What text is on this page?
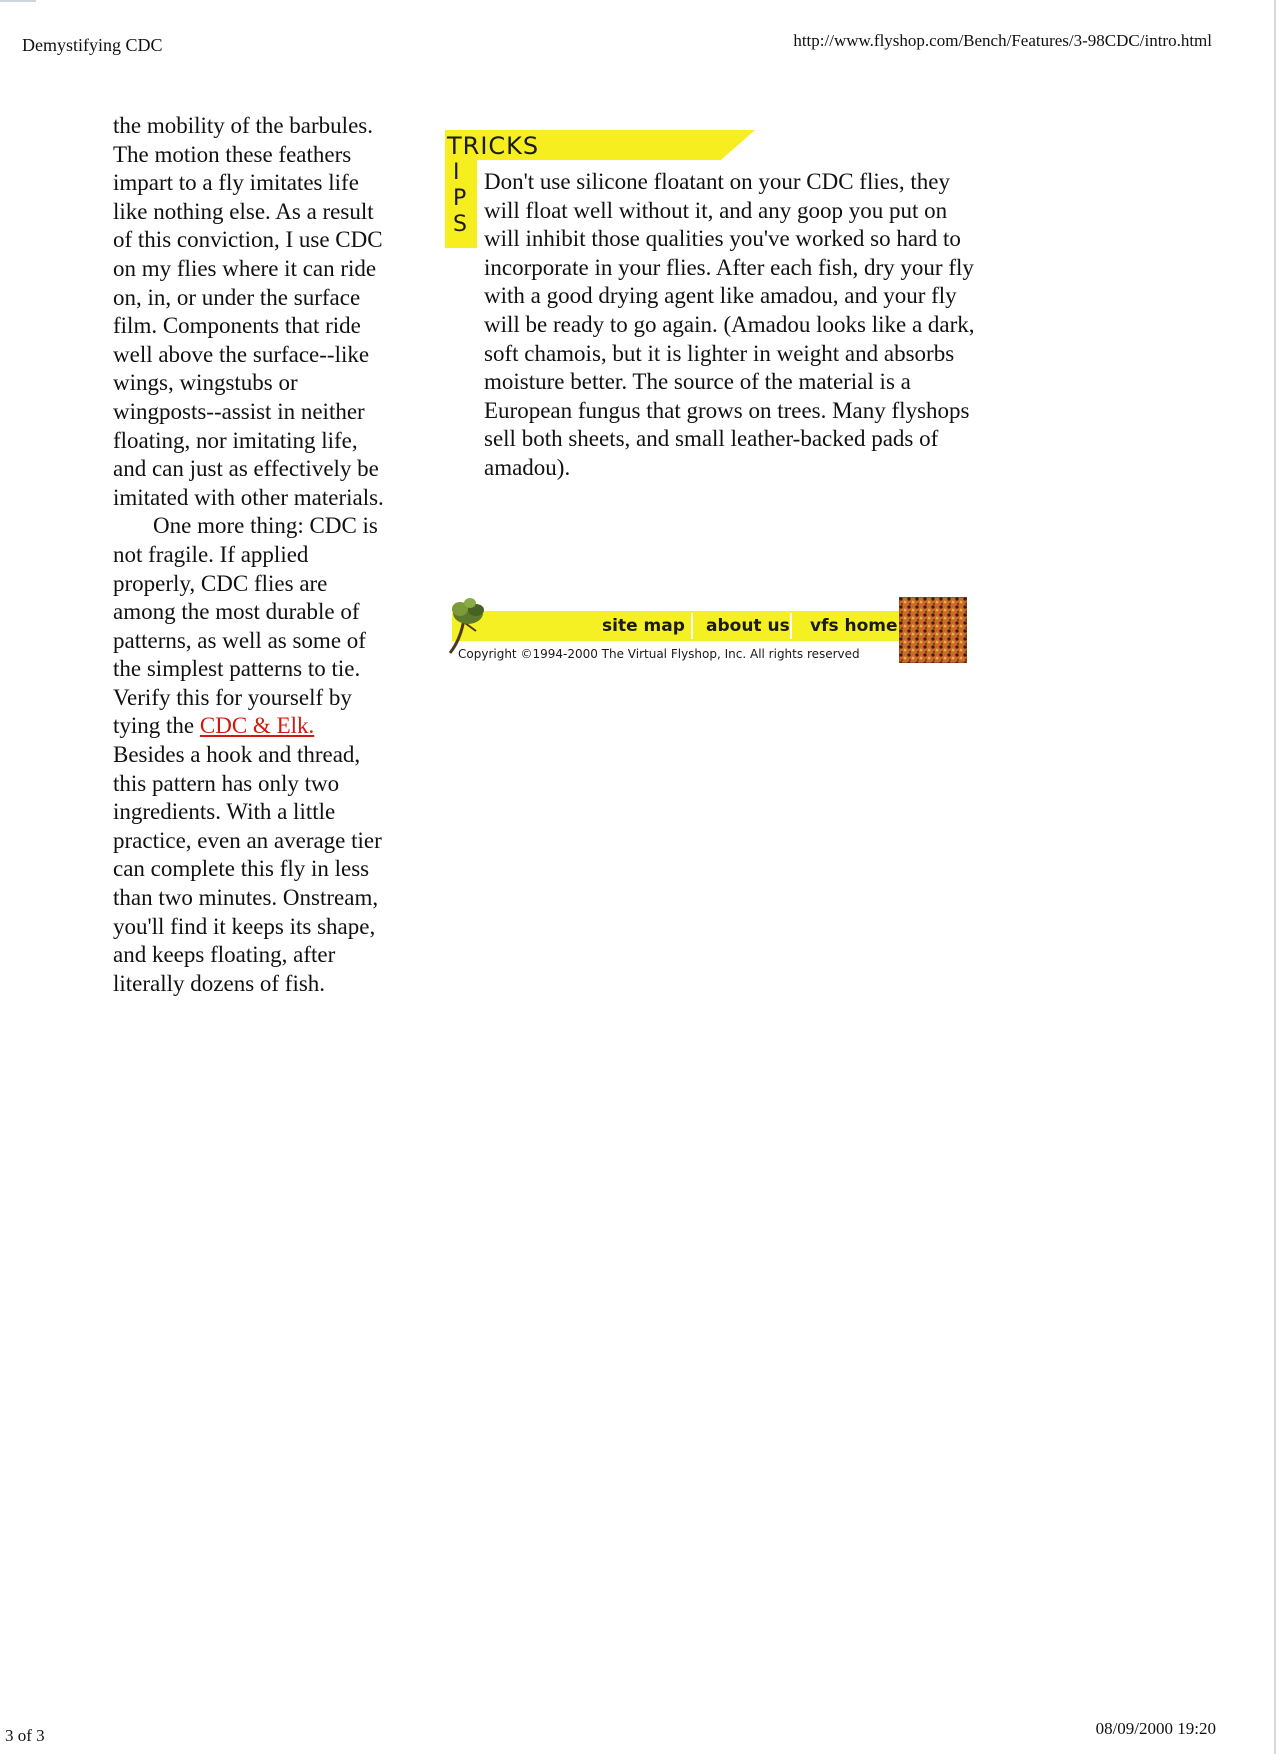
Demystifying CDC	http://www.flyshop.com/Bench/Features/3-98CDC/intro.html

the mobility of the barbules. The motion these feathers impart to a fly imitates life like nothing else. As a result of this conviction, I use CDC on my flies where it can ride on, in, or under the surface film. Components that ride well above the surface--like wings, wingstubs or wingposts--assist in neither floating, nor imitating life, and can just as effectively be imitated with other materials.

One more thing: CDC is not fragile. If applied properly, CDC flies are among the most durable of patterns, as well as some of the simplest patterns to tie. Verify this for yourself by tying the CDC & Elk. Besides a hook and thread, this pattern has only two ingredients. With a little practice, even an average tier can complete this fly in less than two minutes. Onstream, you'll find it keeps its shape, and keeps floating, after literally dozens of fish.

TRICKS
I
P
S

Don't use silicone floatant on your CDC flies, they will float well without it, and any goop you put on will inhibit those qualities you've worked so hard to incorporate in your flies. After each fish, dry your fly with a good drying agent like amadou, and your fly will be ready to go again. (Amadou looks like a dark, soft chamois, but it is lighter in weight and absorbs moisture better. The source of the material is a European fungus that grows on trees. Many flyshops sell both sheets, and small leather-backed pads of amadou).

site map about us vfs home
Copyright ©1994-2000 The Virtual Flyshop, Inc. All rights reserved
3 of 3	08/09/2000 19:20
